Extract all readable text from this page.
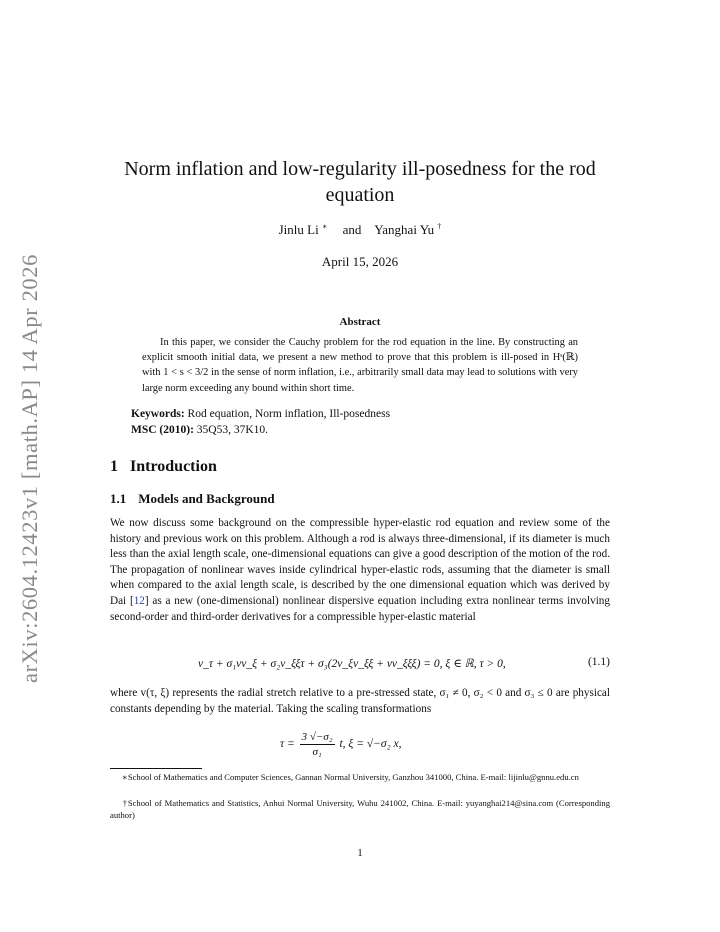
arXiv:2604.12423v1 [math.AP] 14 Apr 2026
Norm inflation and low-regularity ill-posedness for the rod equation
Jinlu Li ∗ and Yanghai Yu †
April 15, 2026
Abstract
In this paper, we consider the Cauchy problem for the rod equation in the line. By constructing an explicit smooth initial data, we present a new method to prove that this problem is ill-posed in Hˢ(ℝ) with 1 < s < 3/2 in the sense of norm inflation, i.e., arbitrarily small data may lead to solutions with very large norm exceeding any bound within short time.
Keywords: Rod equation, Norm inflation, Ill-posedness
MSC (2010): 35Q53, 37K10.
1 Introduction
1.1 Models and Background
We now discuss some background on the compressible hyper-elastic rod equation and review some of the history and previous work on this problem. Although a rod is always three-dimensional, if its diameter is much less than the axial length scale, one-dimensional equations can give a good description of the motion of the rod. The propagation of nonlinear waves inside cylindrical hyper-elastic rods, assuming that the diameter is small when compared to the axial length scale, is described by the one dimensional equation which was derived by Dai [12] as a new (one-dimensional) nonlinear dispersive equation including extra nonlinear terms involving second-order and third-order derivatives for a compressible hyper-elastic material
v_τ + σ₁vv_ξ + σ₂v_ξξτ + σ₃(2v_ξv_ξξ + vv_ξξξ) = 0, ξ ∈ ℝ, τ > 0,	(1.1)
where v(τ, ξ) represents the radial stretch relative to a pre-stressed state, σ₁ ≠ 0, σ₂ < 0 and σ₃ ≤ 0 are physical constants depending by the material. Taking the scaling transformations
$\tau = \frac{\text{3 √−σ₂}}{\text{σ₁}} t$, ξ = √−σ₂ x,
∗School of Mathematics and Computer Sciences, Gannan Normal University, Ganzhou 341000, China. E-mail: lijinlu@gnnu.edu.cn
†School of Mathematics and Statistics, Anhui Normal University, Wuhu 241002, China. E-mail: yuyanghai214@sina.com (Corresponding author)
1
